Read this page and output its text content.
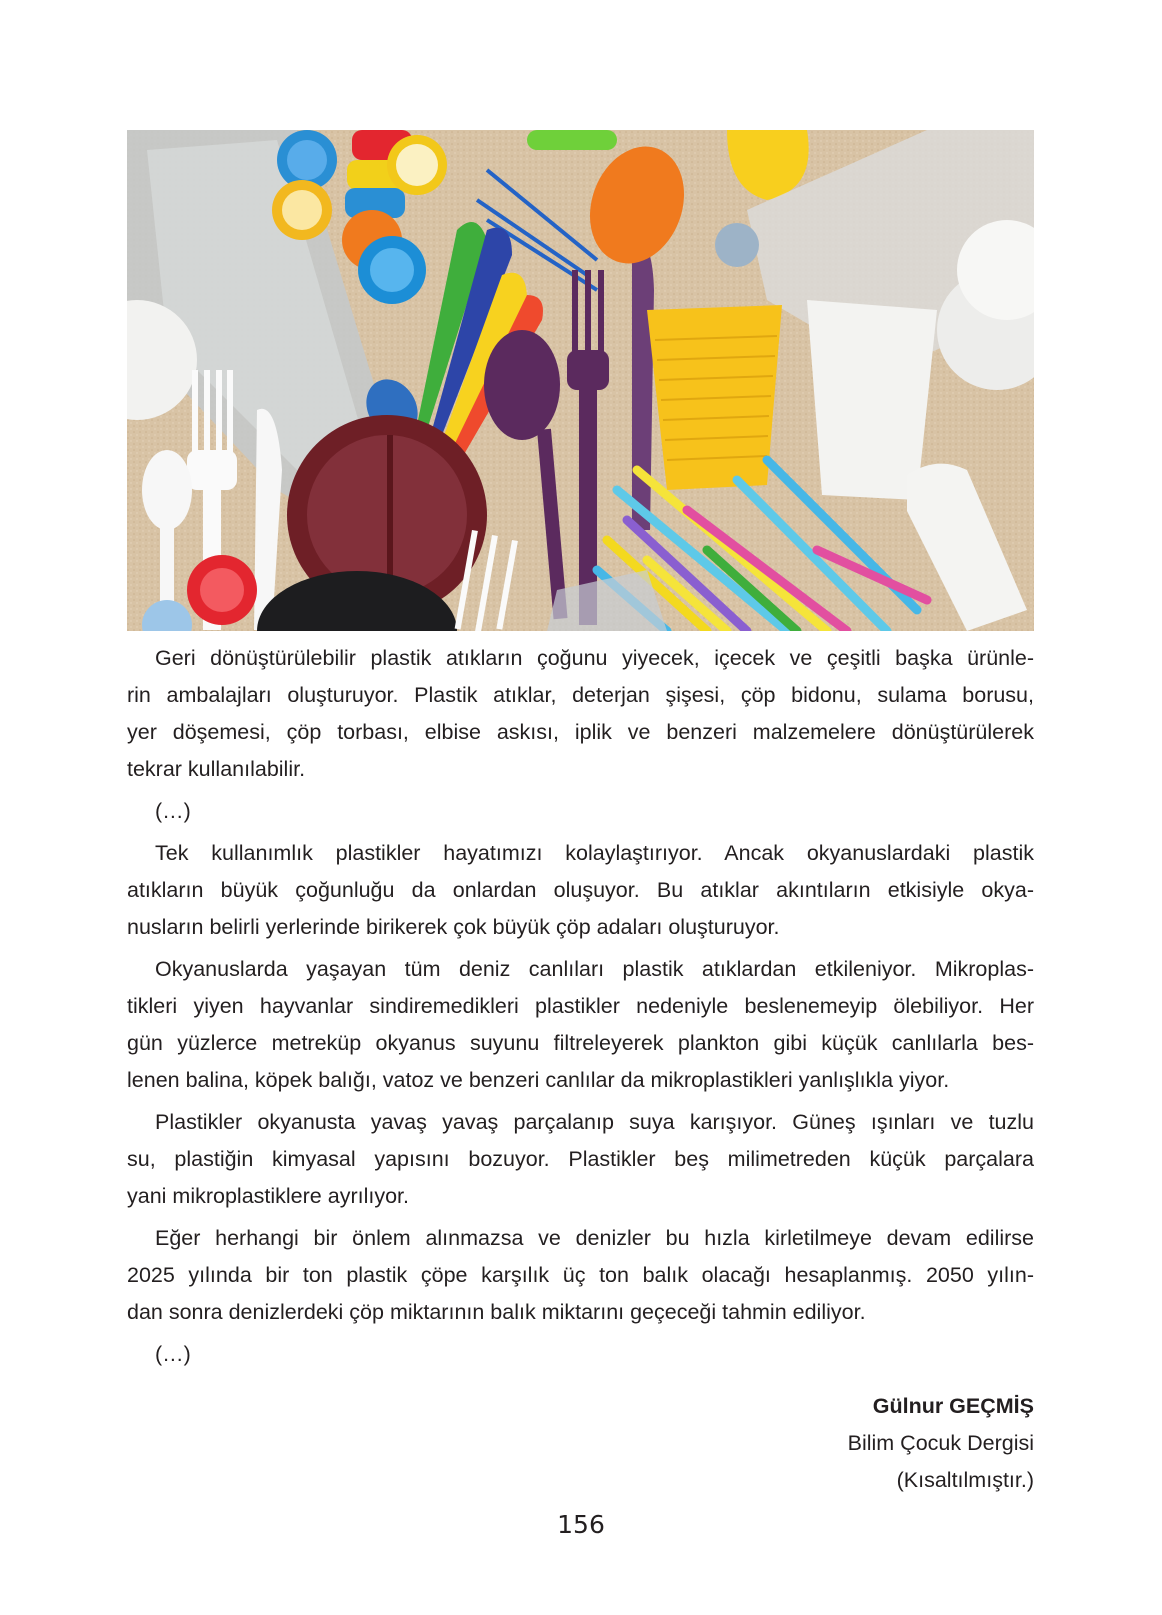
Geri dönüştürülebilir plastik atıkların çoğunu yiyecek, içecek ve çeşitli başka ürünle-
rin ambalajları oluşturuyor. Plastik atıklar, deterjan şişesi, çöp bidonu, sulama borusu,
yer döşemesi, çöp torbası, elbise askısı, iplik ve benzeri malzemelere dönüştürülerek
tekrar kullanılabilir.
(…)
Tek kullanımlık plastikler hayatımızı kolaylaştırıyor. Ancak okyanuslardaki plastik
atıkların büyük çoğunluğu da onlardan oluşuyor. Bu atıklar akıntıların etkisiyle okya-
nusların belirli yerlerinde birikerek çok büyük çöp adaları oluşturuyor.
Okyanuslarda yaşayan tüm deniz canlıları plastik atıklardan etkileniyor. Mikroplas-
tikleri yiyen hayvanlar sindiremedikleri plastikler nedeniyle beslenemeyip ölebiliyor. Her
gün yüzlerce metreküp okyanus suyunu filtreleyerek plankton gibi küçük canlılarla bes-
lenen balina, köpek balığı, vatoz ve benzeri canlılar da mikroplastikleri yanlışlıkla yiyor.
Plastikler okyanusta yavaş yavaş parçalanıp suya karışıyor. Güneş ışınları ve tuzlu
su, plastiğin kimyasal yapısını bozuyor. Plastikler beş milimetreden küçük parçalara
yani mikroplastiklere ayrılıyor.
Eğer herhangi bir önlem alınmazsa ve denizler bu hızla kirletilmeye devam edilirse
2025 yılında bir ton plastik çöpe karşılık üç ton balık olacağı hesaplanmış. 2050 yılın-
dan sonra denizlerdeki çöp miktarının balık miktarını geçeceği tahmin ediliyor.
(…)
Gülnur GEÇMİŞ
Bilim Çocuk Dergisi
(Kısaltılmıştır.)
156
